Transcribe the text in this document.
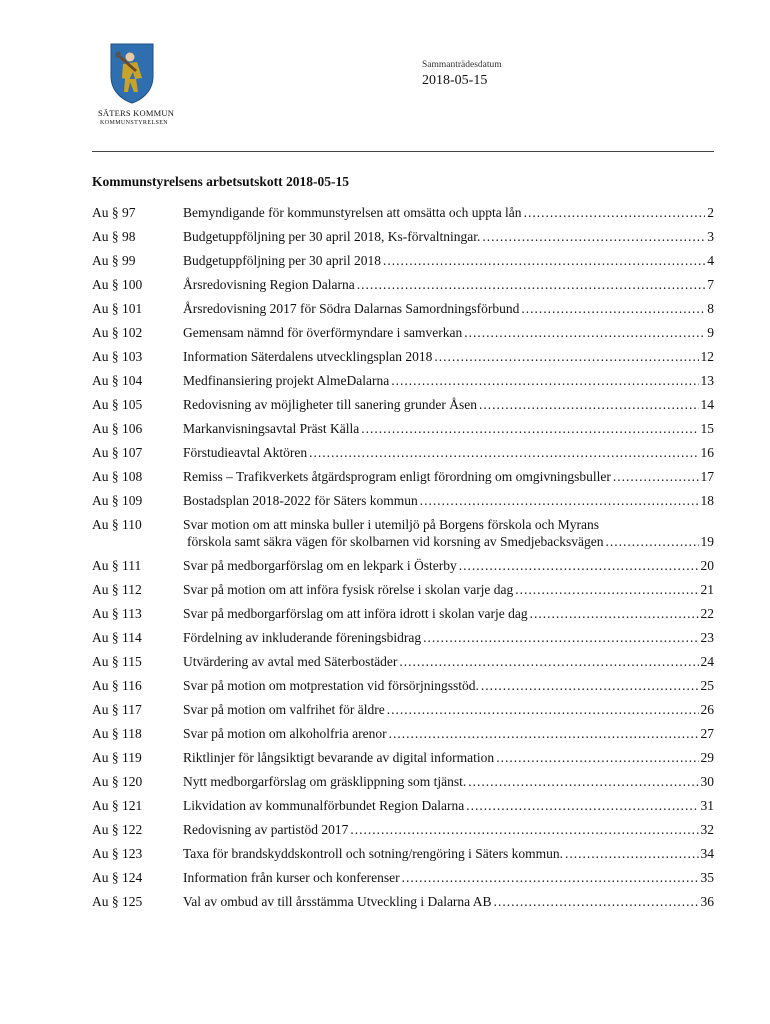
SÄTERS KOMMUN
KOMMUNSTYRELSEN
Sammanträdesdatum
2018-05-15
Kommunstyrelsens arbetsutskott 2018-05-15
Au § 97	Bemyndigande för kommunstyrelsen att omsätta och uppta lån .....	2
Au § 98	Budgetuppföljning per 30 april 2018, Ks-förvaltningar. .....	3
Au § 99	Budgetuppföljning per 30 april 2018 .....	4
Au § 100	Årsredovisning Region Dalarna .....	7
Au § 101	Årsredovisning 2017 för Södra Dalarnas Samordningsförbund .....	8
Au § 102	Gemensam nämnd för överförmyndare i samverkan .....	9
Au § 103	Information Säterdalens utvecklingsplan 2018 .....	12
Au § 104	Medfinansiering projekt AlmeDalarna .....	13
Au § 105	Redovisning av möjligheter till sanering grunder Åsen .....	14
Au § 106	Markanvisningsavtal Präst Källa .....	15
Au § 107	Förstudieavtal Aktören .....	16
Au § 108	Remiss – Trafikverkets åtgärdsprogram enligt förordning om omgivningsbuller .....	17
Au § 109	Bostadsplan 2018-2022 för Säters kommun .....	18
Au § 110	Svar motion om att minska buller i utemiljö på Borgens förskola och Myrans
förskola samt säkra vägen för skolbarnen vid korsning av Smedjebacksvägen .....	19
Au § 111	Svar på medborgarförslag om en lekpark i Österby .....	20
Au § 112	Svar på motion om att införa fysisk rörelse i skolan varje dag .....	21
Au § 113	Svar på medborgarförslag om att införa idrott i skolan varje dag .....	22
Au § 114	Fördelning av inkluderande föreningsbidrag .....	23
Au § 115	Utvärdering av avtal med Säterbostäder .....	24
Au § 116	Svar på motion om motprestation vid försörjningsstöd. .....	25
Au § 117	Svar på motion om valfrihet för äldre .....	26
Au § 118	Svar på motion om alkoholfria arenor .....	27
Au § 119	Riktlinjer för långsiktigt bevarande av digital information .....	29
Au § 120	Nytt medborgarförslag om gräsklippning som tjänst. .....	30
Au § 121	Likvidation av kommunalförbundet Region Dalarna .....	31
Au § 122	Redovisning av partistöd 2017 .....	32
Au § 123	Taxa för brandskyddskontroll och sotning/rengöring i Säters kommun. .....	34
Au § 124	Information från kurser och konferenser .....	35
Au § 125	Val av ombud av till årsstämma Utveckling i Dalarna AB .....	36
